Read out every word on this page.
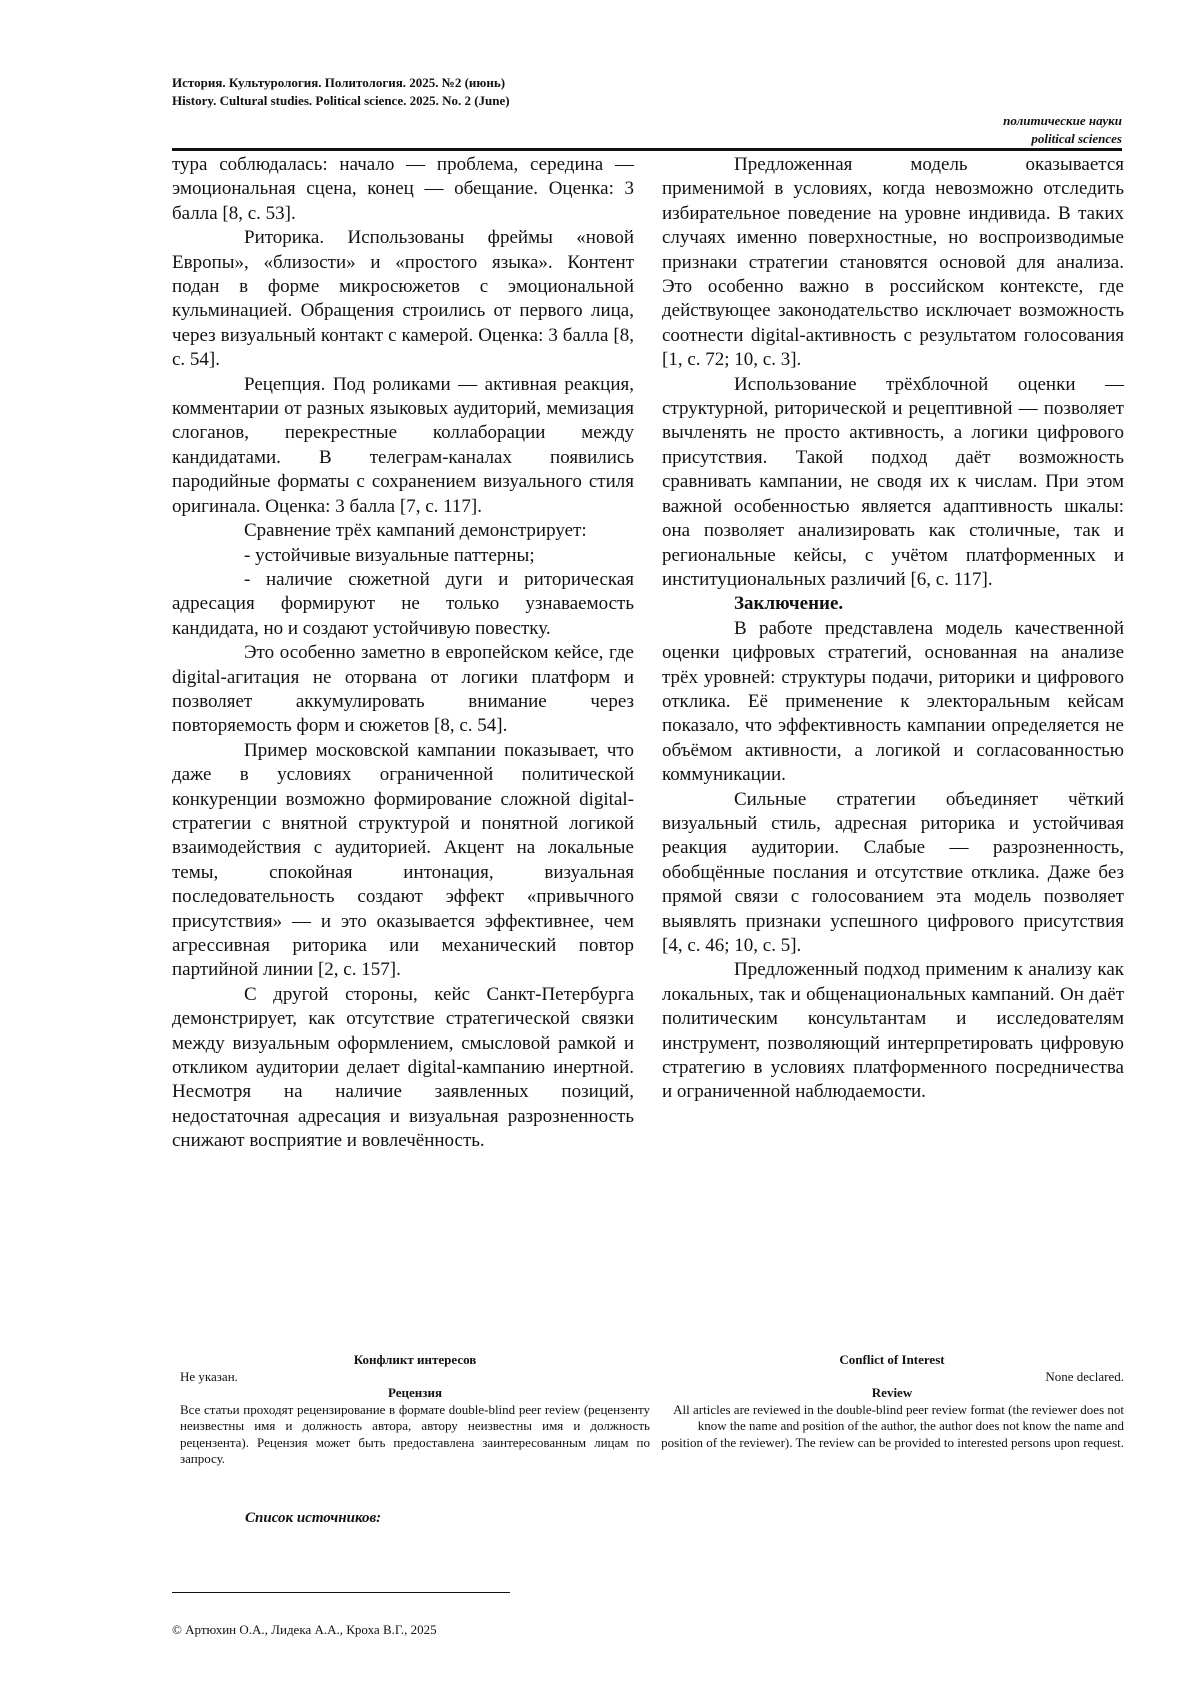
История. Культурология. Политология. 2025. №2 (июнь)
History. Cultural studies. Political science. 2025. No. 2 (June)
политические науки
political sciences

тура соблюдалась: начало — проблема, середина — эмоциональная сцена, конец — обещание. Оценка: 3 балла [8, с. 53].

Риторика. Использованы фреймы «новой Европы», «близости» и «простого языка». Контент подан в форме микросюжетов с эмоциональной кульминацией. Обращения строились от первого лица, через визуальный контакт с камерой. Оценка: 3 балла [8, с. 54].

Рецепция. Под роликами — активная реакция, комментарии от разных языковых аудиторий, мемизация слоганов, перекрестные коллаборации между кандидатами. В телеграм-каналах появились пародийные форматы с сохранением визуального стиля оригинала. Оценка: 3 балла [7, с. 117].

Сравнение трёх кампаний демонстрирует:

- устойчивые визуальные паттерны;

- наличие сюжетной дуги и риторическая адресация формируют не только узнаваемость кандидата, но и создают устойчивую повестку.

Это особенно заметно в европейском кейсе, где digital-агитация не оторвана от логики платформ и позволяет аккумулировать внимание через повторяемость форм и сюжетов [8, с. 54].

Пример московской кампании показывает, что даже в условиях ограниченной политической конкуренции возможно формирование сложной digital-стратегии с внятной структурой и понятной логикой взаимодействия с аудиторией. Акцент на локальные темы, спокойная интонация, визуальная последовательность создают эффект «привычного присутствия» — и это оказывается эффективнее, чем агрессивная риторика или механический повтор партийной линии [2, с. 157].

С другой стороны, кейс Санкт-Петербурга демонстрирует, как отсутствие стратегической связки между визуальным оформлением, смысловой рамкой и откликом аудитории делает digital-кампанию инертной. Несмотря на наличие заявленных позиций, недостаточная адресация и визуальная разрозненность снижают восприятие и вовлечённость.

Предложенная модель оказывается применимой в условиях, когда невозможно отследить избирательное поведение на уровне индивида. В таких случаях именно поверхностные, но воспроизводимые признаки стратегии становятся основой для анализа. Это особенно важно в российском контексте, где действующее законодательство исключает возможность соотнести digital-активность с результатом голосования [1, с. 72; 10, с. 3].

Использование трёхблочной оценки — структурной, риторической и рецептивной — позволяет вычленять не просто активность, а логики цифрового присутствия. Такой подход даёт возможность сравнивать кампании, не сводя их к числам. При этом важной особенностью является адаптивность шкалы: она позволяет анализировать как столичные, так и региональные кейсы, с учётом платформенных и институциональных различий [6, с. 117].

Заключение.

В работе представлена модель качественной оценки цифровых стратегий, основанная на анализе трёх уровней: структуры подачи, риторики и цифрового отклика. Её применение к электоральным кейсам показало, что эффективность кампании определяется не объёмом активности, а логикой и согласованностью коммуникации.

Сильные стратегии объединяет чёткий визуальный стиль, адресная риторика и устойчивая реакция аудитории. Слабые — разрозненность, обобщённые послания и отсутствие отклика. Даже без прямой связи с голосованием эта модель позволяет выявлять признаки успешного цифрового присутствия [4, с. 46; 10, с. 5].

Предложенный подход применим к анализу как локальных, так и общенациональных кампаний. Он даёт политическим консультантам и исследователям инструмент, позволяющий интерпретировать цифровую стратегию в условиях платформенного посредничества и ограниченной наблюдаемости.

Конфликт интересов

Не указан.

Рецензия

Все статьи проходят рецензирование в формате double-blind peer review (рецензенту неизвестны имя и должность автора, автору неизвестны имя и должность рецензента). Рецензия может быть предоставлена заинтересованным лицам по запросу.

Conflict of Interest

None declared.

Review

All articles are reviewed in the double-blind peer review format (the reviewer does not know the name and position of the author, the author does not know the name and position of the reviewer). The review can be provided to interested persons upon request.

Список источников:
© Артюхин О.А., Лидека А.А., Кроха В.Г., 2025
